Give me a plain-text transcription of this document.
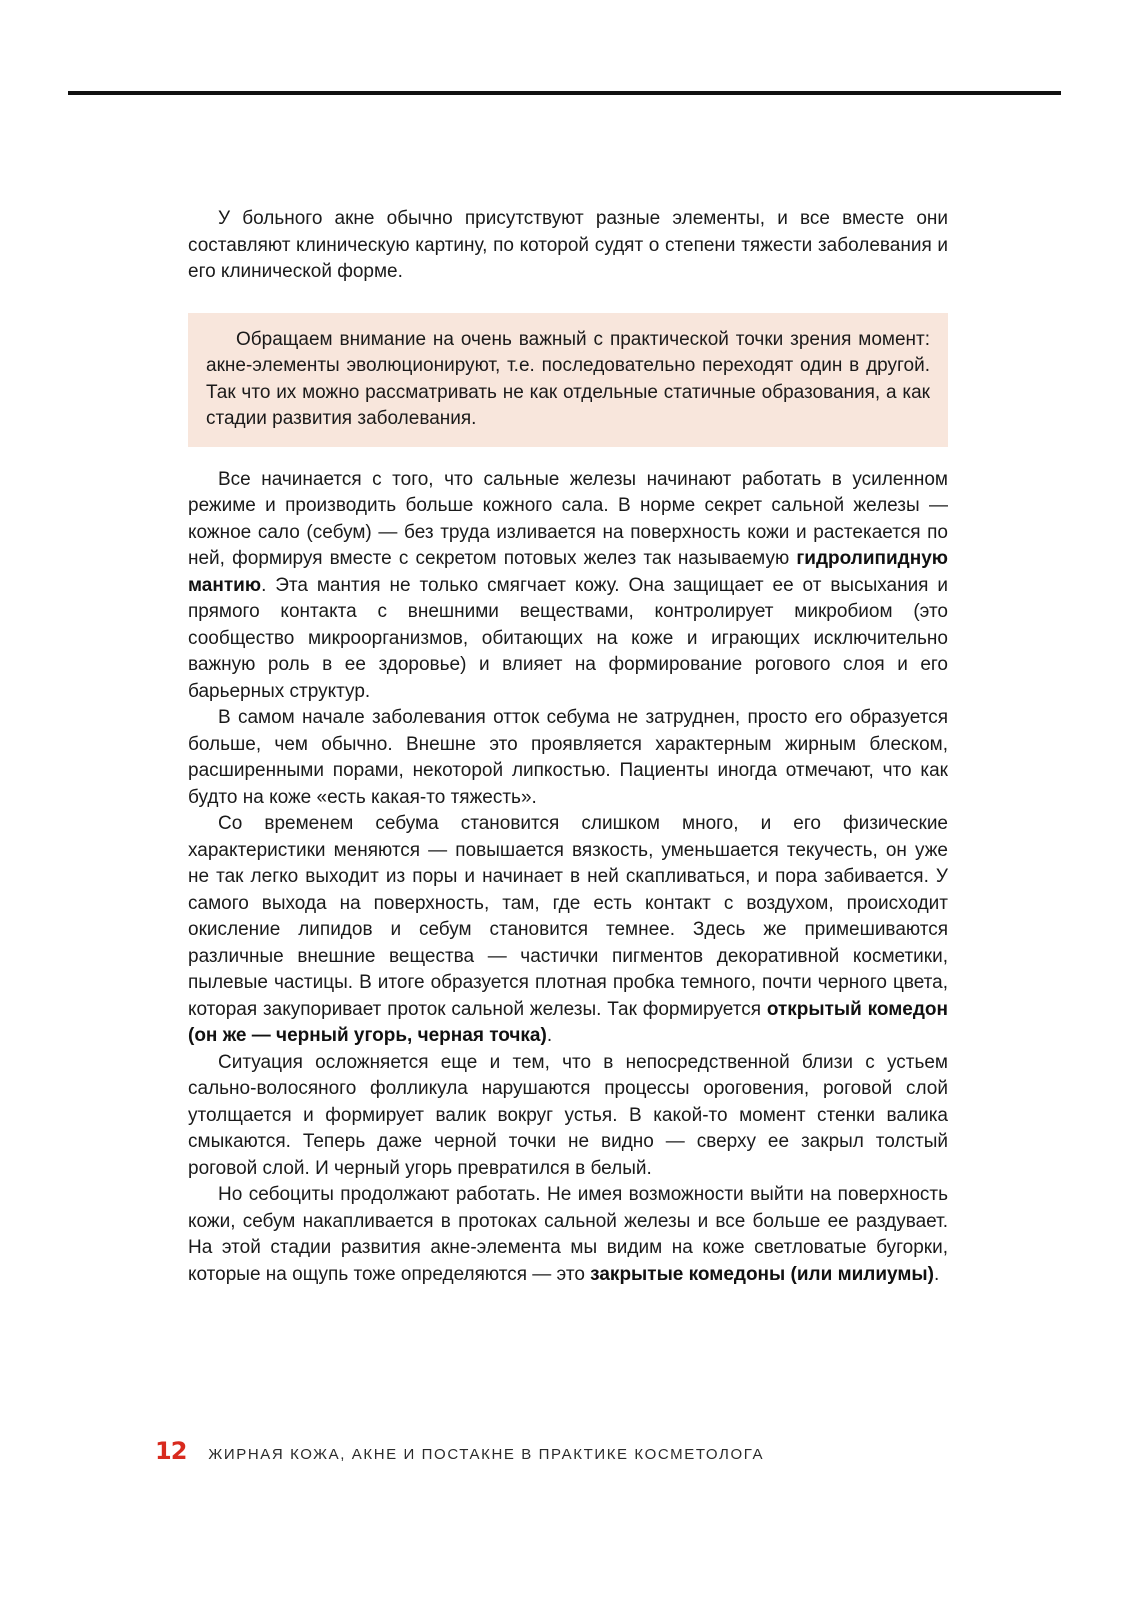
У больного акне обычно присутствуют разные элементы, и все вместе они составляют клиническую картину, по которой судят о степени тяжести заболевания и его клинической форме.

Обращаем внимание на очень важный с практической точки зрения момент: акне-элементы эволюционируют, т.е. последовательно переходят один в другой. Так что их можно рассматривать не как отдельные статичные образования, а как стадии развития заболевания.

Все начинается с того, что сальные железы начинают работать в усиленном режиме и производить больше кожного сала. В норме секрет сальной железы — кожное сало (себум) — без труда изливается на поверхность кожи и растекается по ней, формируя вместе с секретом потовых желез так называемую гидролипидную мантию. Эта мантия не только смягчает кожу. Она защищает ее от высыхания и прямого контакта с внешними веществами, контролирует микробиом (это сообщество микроорганизмов, обитающих на коже и играющих исключительно важную роль в ее здоровье) и влияет на формирование рогового слоя и его барьерных структур.

В самом начале заболевания отток себума не затруднен, просто его образуется больше, чем обычно. Внешне это проявляется характерным жирным блеском, расширенными порами, некоторой липкостью. Пациенты иногда отмечают, что как будто на коже «есть какая-то тяжесть».

Со временем себума становится слишком много, и его физические характеристики меняются — повышается вязкость, уменьшается текучесть, он уже не так легко выходит из поры и начинает в ней скапливаться, и пора забивается. У самого выхода на поверхность, там, где есть контакт с воздухом, происходит окисление липидов и себум становится темнее. Здесь же примешиваются различные внешние вещества — частички пигментов декоративной косметики, пылевые частицы. В итоге образуется плотная пробка темного, почти черного цвета, которая закупоривает проток сальной железы. Так формируется открытый комедон (он же — черный угорь, черная точка).

Ситуация осложняется еще и тем, что в непосредственной близи с устьем сально-волосяного фолликула нарушаются процессы ороговения, роговой слой утолщается и формирует валик вокруг устья. В какой-то момент стенки валика смыкаются. Теперь даже черной точки не видно — сверху ее закрыл толстый роговой слой. И черный угорь превратился в белый.

Но себоциты продолжают работать. Не имея возможности выйти на поверхность кожи, себум накапливается в протоках сальной железы и все больше ее раздувает. На этой стадии развития акне-элемента мы видим на коже светловатые бугорки, которые на ощупь тоже определяются — это закрытые комедоны (или милиумы).

12 ЖИРНАЯ КОЖА, АКНЕ И ПОСТАКНЕ В ПРАКТИКЕ КОСМЕТОЛОГА
